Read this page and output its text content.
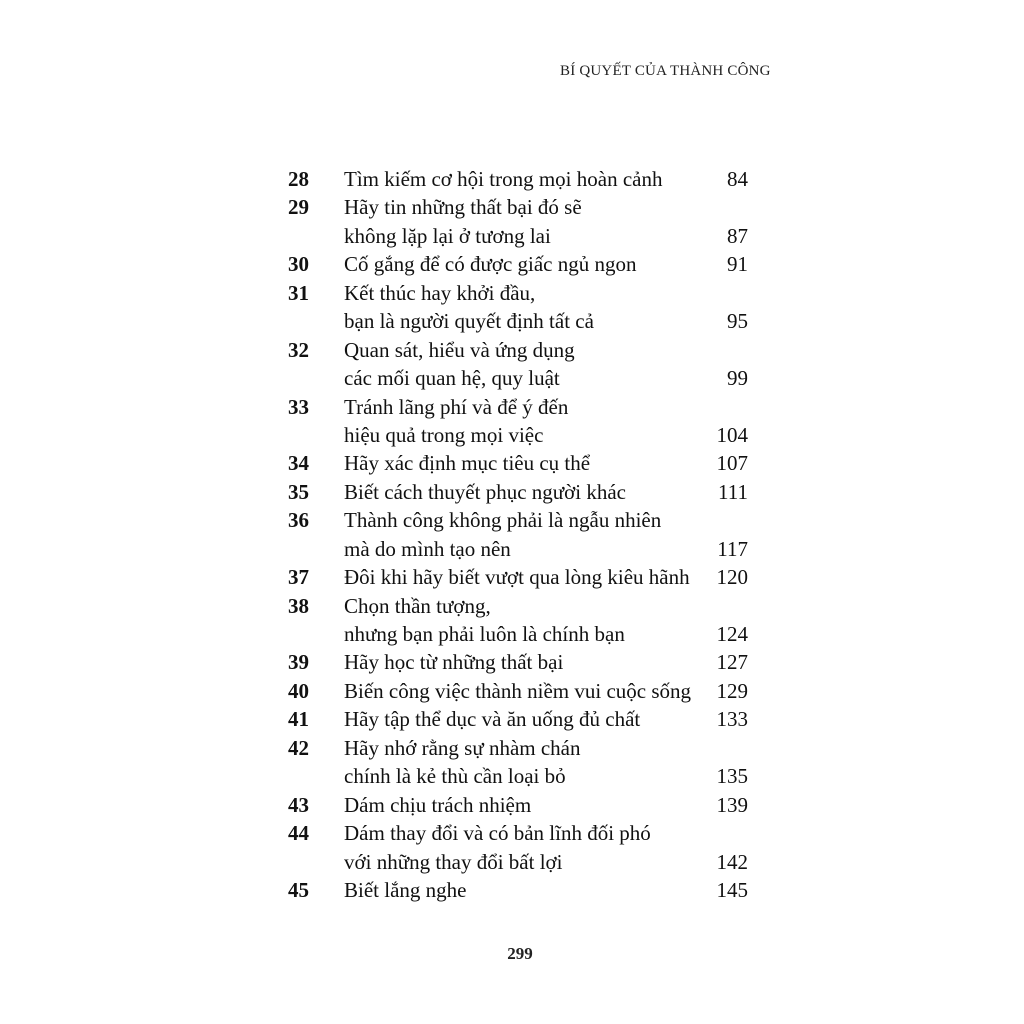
BÍ QUYẾT CỦA THÀNH CÔNG
28	Tìm kiếm cơ hội trong mọi hoàn cảnh	84
29	Hãy tin những thất bại đó sẽ
không lặp lại ở tương lai	87
30	Cố gắng để có được giấc ngủ ngon	91
31	Kết thúc hay khởi đầu,
bạn là người quyết định tất cả	95
32	Quan sát, hiểu và ứng dụng
các mối quan hệ, quy luật	99
33	Tránh lãng phí và để ý đến
hiệu quả trong mọi việc	104
34	Hãy xác định mục tiêu cụ thể	107
35	Biết cách thuyết phục người khác	111
36	Thành công không phải là ngẫu nhiên
mà do mình tạo nên	117
37	Đôi khi hãy biết vượt qua lòng kiêu hãnh	120
38	Chọn thần tượng,
nhưng bạn phải luôn là chính bạn	124
39	Hãy học từ những thất bại	127
40	Biến công việc thành niềm vui cuộc sống	129
41	Hãy tập thể dục và ăn uống đủ chất	133
42	Hãy nhớ rằng sự nhàm chán
chính là kẻ thù cần loại bỏ	135
43	Dám chịu trách nhiệm	139
44	Dám thay đổi và có bản lĩnh đối phó
với những thay đổi bất lợi	142
45	Biết lắng nghe	145
299
